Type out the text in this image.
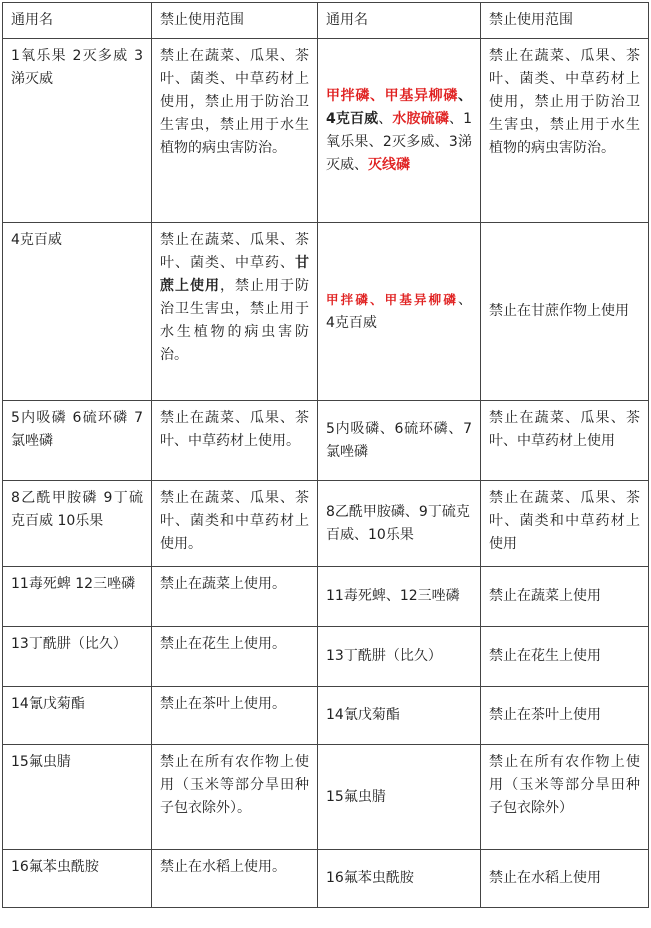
通用名	禁止使用范围	通用名	禁止使用范围
1氧乐果 2灭多威 3涕灭威	禁止在蔬菜、瓜果、茶叶、菌类、中草药材上使用，禁止用于防治卫生害虫，禁止用于水生植物的病虫害防治。	甲拌磷、甲基异柳磷、4克百威、水胺硫磷、1氧乐果、2灭多威、3涕灭威、灭线磷	禁止在蔬菜、瓜果、茶叶、菌类、中草药材上使用，禁止用于防治卫生害虫，禁止用于水生植物的病虫害防治。
4克百威	禁止在蔬菜、瓜果、茶叶、菌类、中草药、甘蔗上使用，禁止用于防治卫生害虫，禁止用于水生植物的病虫害防治。	甲拌磷、甲基异柳磷、4克百威	禁止在甘蔗作物上使用
5内吸磷 6硫环磷 7氯唑磷	禁止在蔬菜、瓜果、茶叶、中草药材上使用。	5内吸磷、6硫环磷、7氯唑磷	禁止在蔬菜、瓜果、茶叶、中草药材上使用
8乙酰甲胺磷 9丁硫克百威 10乐果	禁止在蔬菜、瓜果、茶叶、菌类和中草药材上使用。	8乙酰甲胺磷、9丁硫克百威、10乐果	禁止在蔬菜、瓜果、茶叶、菌类和中草药材上使用
11毒死蜱 12三唑磷	禁止在蔬菜上使用。	11毒死蜱、12三唑磷	禁止在蔬菜上使用
13丁酰肼（比久）	禁止在花生上使用。	13丁酰肼（比久）	禁止在花生上使用
14氰戊菊酯	禁止在茶叶上使用。	14氰戊菊酯	禁止在茶叶上使用
15氟虫腈	禁止在所有农作物上使用（玉米等部分旱田种子包衣除外）。	15氟虫腈	禁止在所有农作物上使用（玉米等部分旱田种子包衣除外）
16氟苯虫酰胺	禁止在水稻上使用。	16氟苯虫酰胺	禁止在水稻上使用
